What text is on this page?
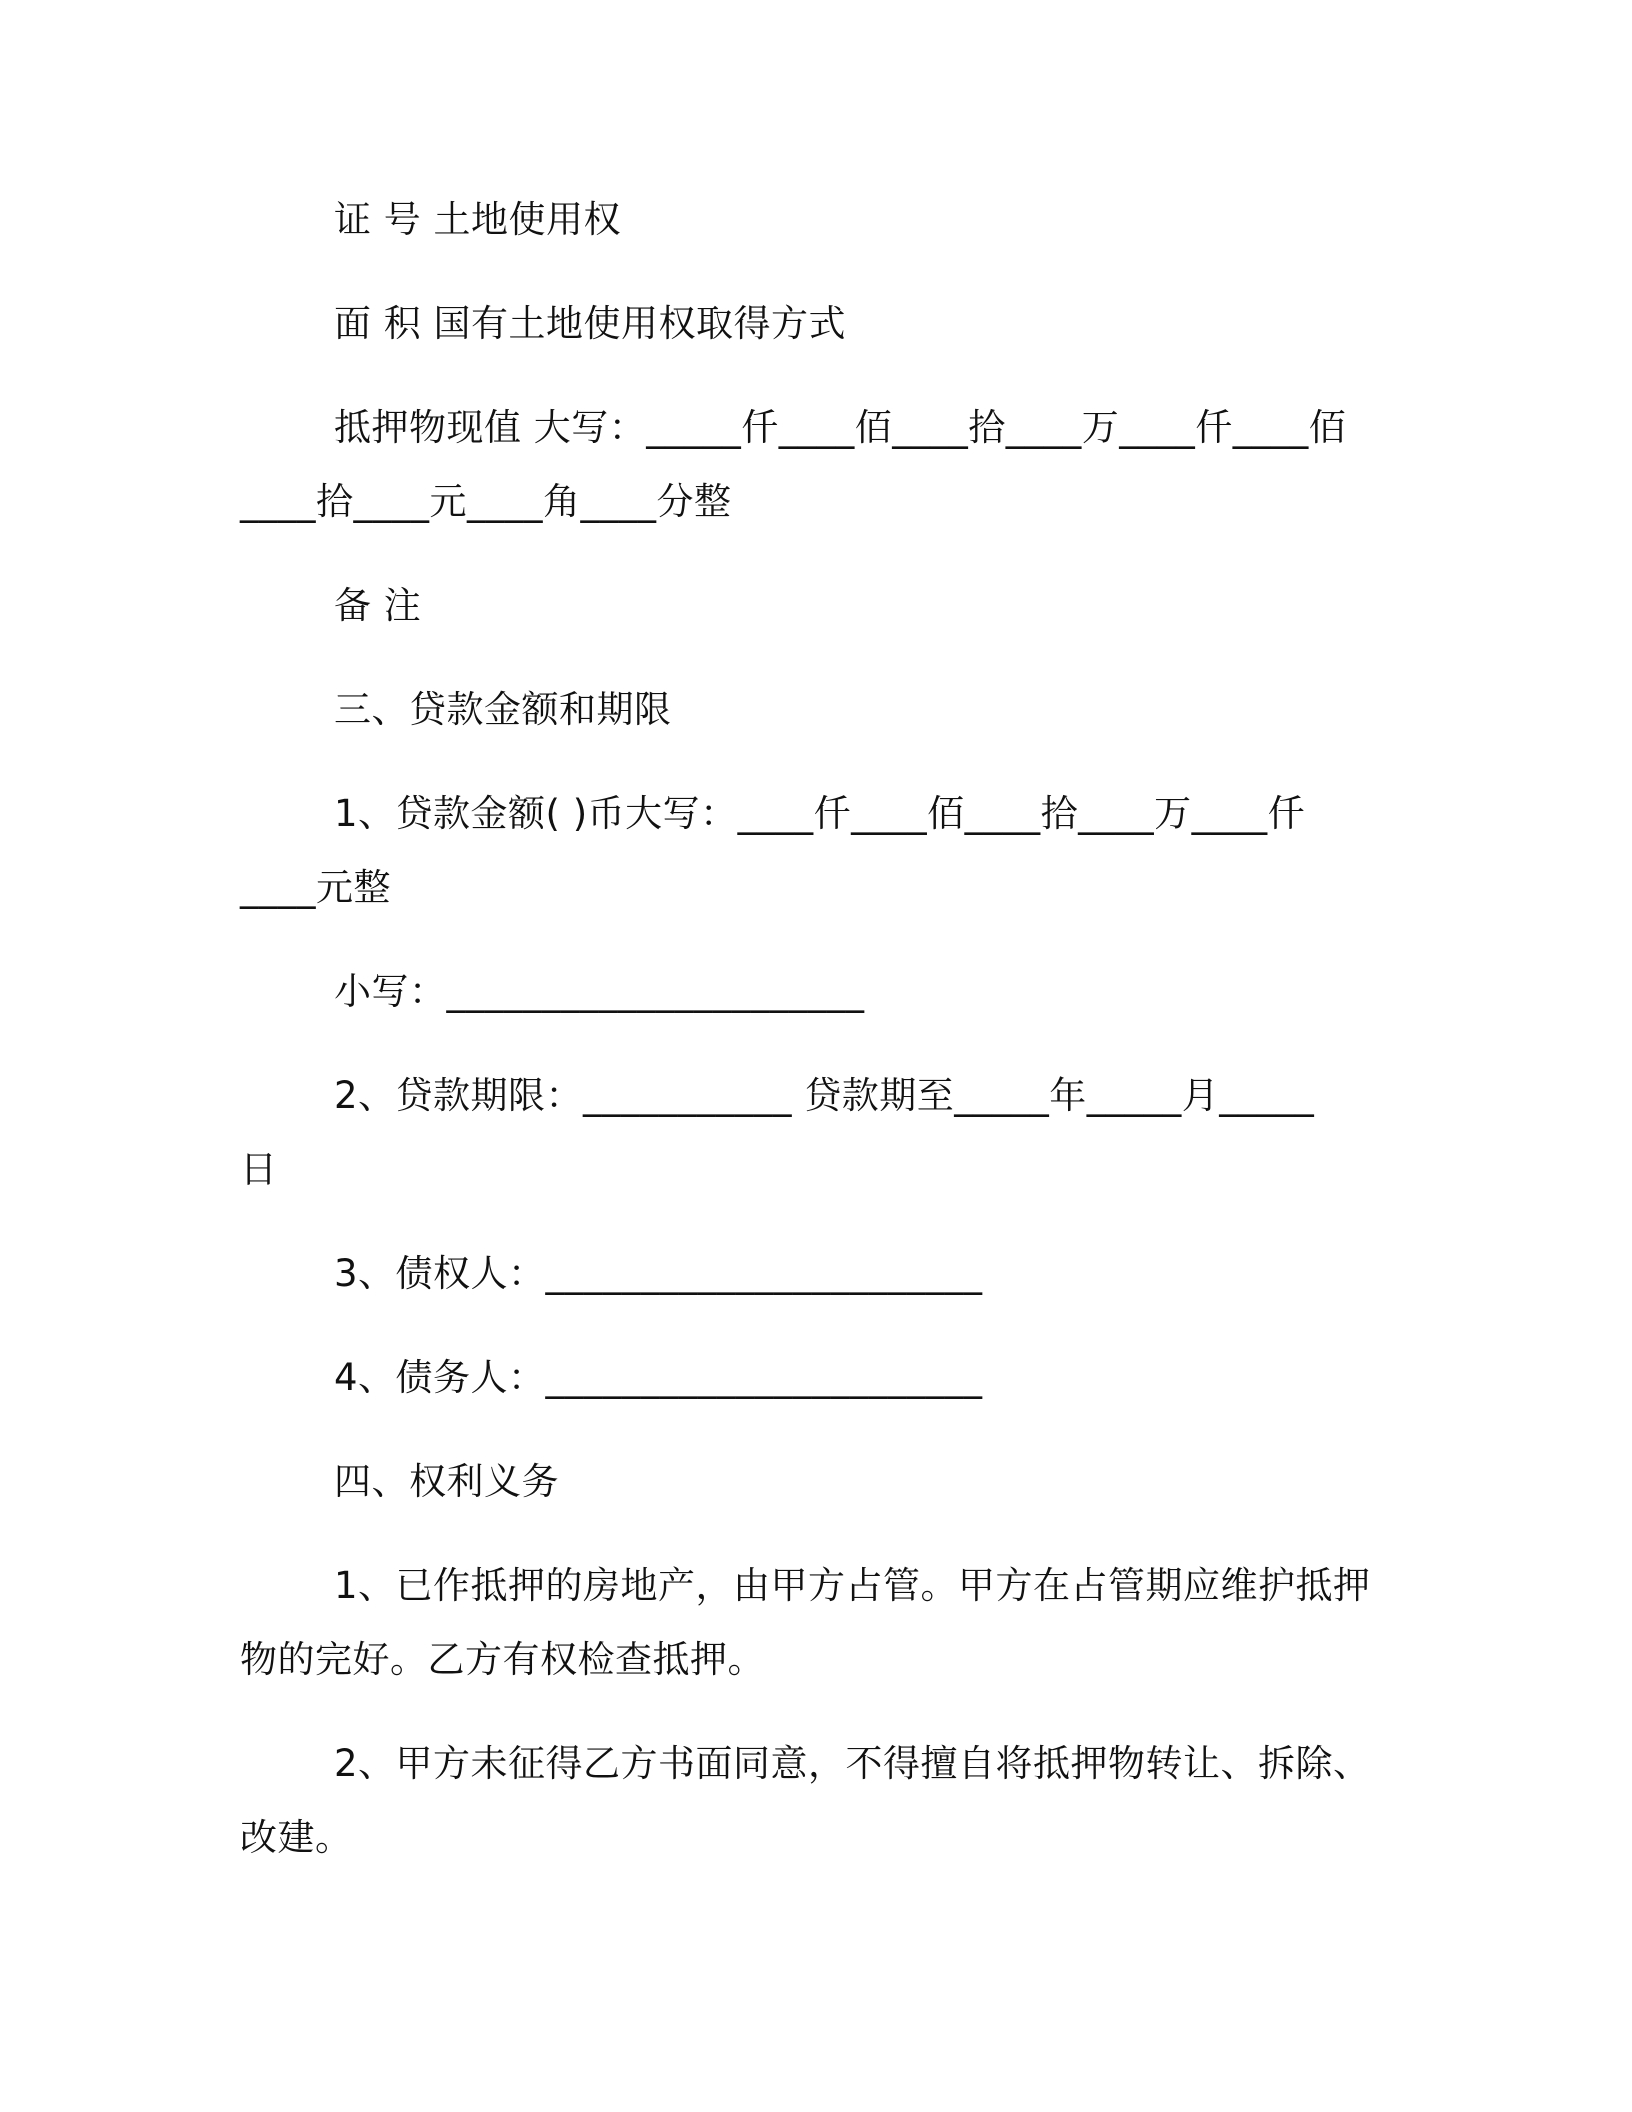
证 号 土地使用权
面 积 国有土地使用权取得方式
抵押物现值 大写：_____仟____佰____拾____万____仟____佰
____拾____元____角____分整
备 注
三、贷款金额和期限
1、贷款金额( )币大写：____仟____佰____拾____万____仟
____元整
小写：______________________
2、贷款期限：___________ 贷款期至_____年_____月_____
日
3、债权人：_______________________
4、债务人：_______________________
四、权利义务
1、已作抵押的房地产，由甲方占管。甲方在占管期应维护抵押
物的完好。乙方有权检查抵押。
2、甲方未征得乙方书面同意，不得擅自将抵押物转让、拆除、
改建。
